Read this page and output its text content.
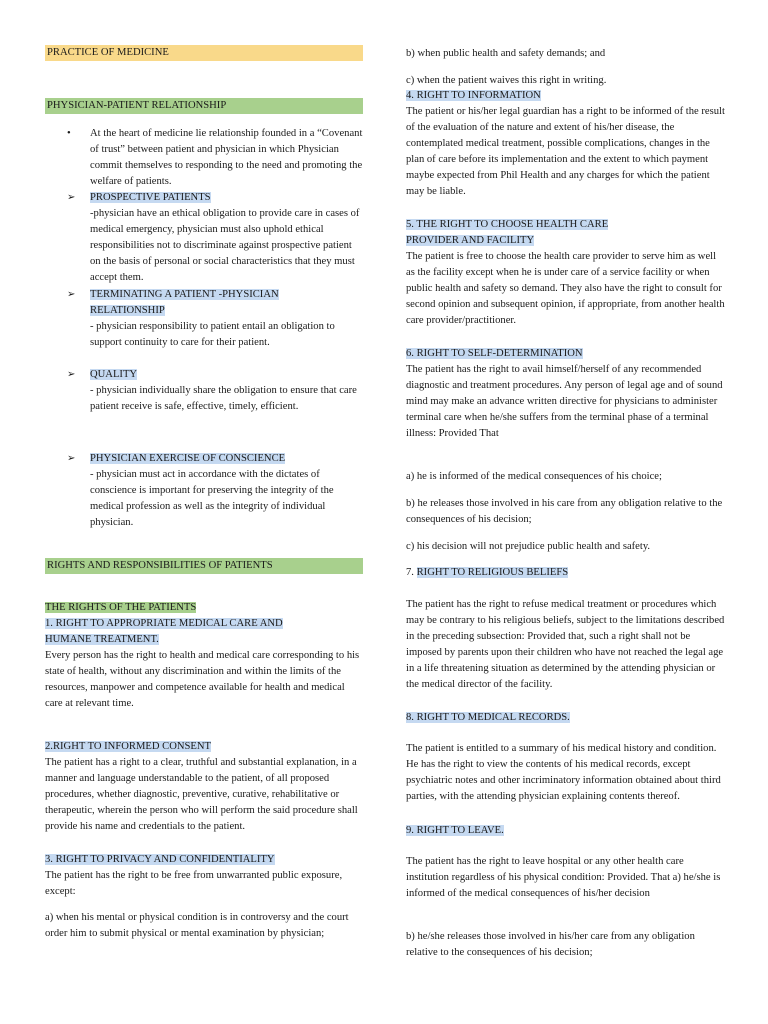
PRACTICE OF MEDICINE
PHYSICIAN-PATIENT RELATIONSHIP
• At the heart of medicine lie relationship founded in a “Covenant of trust” between patient and physician in which Physician commit themselves to responding to the need and promoting the welfare of patients.

➢ PROSPECTIVE PATIENTS

-physician have an ethical obligation to provide care in cases of medical emergency, physician must also uphold ethical responsibilities not to discriminate against prospective patient on the basis of personal or social characteristics that they must accept them.

➢ TERMINATING A PATIENT -PHYSICIAN

RELATIONSHIP

- physician responsibility to patient entail an obligation to support continuity to care for their patient.

➢ QUALITY

- physician individually share the obligation to ensure that care patient receive is safe, effective, timely, efficient.

➢ PHYSICIAN EXERCISE OF CONSCIENCE

- physician must act in accordance with the dictates of conscience is important for preserving the integrity of the medical profession as well as the integrity of individual physician.

RIGHTS AND RESPONSIBILITIES OF PATIENTS

THE RIGHTS OF THE PATIENTS

1. RIGHT TO APPROPRIATE MEDICAL CARE AND

HUMANE TREATMENT.

Every person has the right to health and medical care corresponding to his state of health, without any discrimination and within the limits of the resources, manpower and competence available for health and medical care at relevant time.

2.RIGHT TO INFORMED CONSENT

The patient has a right to a clear, truthful and substantial explanation, in a manner and language understandable to the patient, of all proposed procedures, whether diagnostic, preventive, curative, rehabilitative or therapeutic, wherein the person who will perform the said procedure shall provide his name and credentials to the patient.

3. RIGHT TO PRIVACY AND CONFIDENTIALITY

The patient has the right to be free from unwarranted public exposure, except:

a) when his mental or physical condition is in controversy and the court order him to submit physical or mental examination by physician;

b) when public health and safety demands; and

c) when the patient waives this right in writing.

4. RIGHT TO INFORMATION

The patient or his/her legal guardian has a right to be informed of the result of the evaluation of the nature and extent of his/her disease, the contemplated medical treatment, possible complications, changes in the plan of care before its implementation and the extent to which payment maybe expected from Phil Health and any charges for which the patient may be liable.

5. THE RIGHT TO CHOOSE HEALTH CARE

PROVIDER AND FACILITY

The patient is free to choose the health care provider to serve him as well as the facility except when he is under care of a service facility or when public health and safety so demand. They also have the right to consult for second opinion and subsequent opinion, if appropriate, from another health care provider/practitioner.

6. RIGHT TO SELF-DETERMINATION

The patient has the right to avail himself/herself of any recommended diagnostic and treatment procedures. Any person of legal age and of sound mind may make an advance written directive for physicians to administer terminal care when he/she suffers from the terminal phase of a terminal illness: Provided That

a) he is informed of the medical consequences of his choice;

b) he releases those involved in his care from any obligation relative to the consequences of his decision;

c) his decision will not prejudice public health and safety.

7. RIGHT TO RELIGIOUS BELIEFS

The patient has the right to refuse medical treatment or procedures which may be contrary to his religious beliefs, subject to the limitations described in the preceding subsection: Provided that, such a right shall not be imposed by parents upon their children who have not reached the legal age in a life threatening situation as determined by the attending physician or the medical director of the facility.

8. RIGHT TO MEDICAL RECORDS.

The patient is entitled to a summary of his medical history and condition. He has the right to view the contents of his medical records, except psychiatric notes and other incriminatory information obtained about third parties, with the attending physician explaining contents thereof.

9. RIGHT TO LEAVE.

The patient has the right to leave hospital or any other health care institution regardless of his physical condition: Provided. That a) he/she is informed of the medical consequences of his/her decision

b) he/she releases those involved in his/her care from any obligation relative to the consequences of his decision;
